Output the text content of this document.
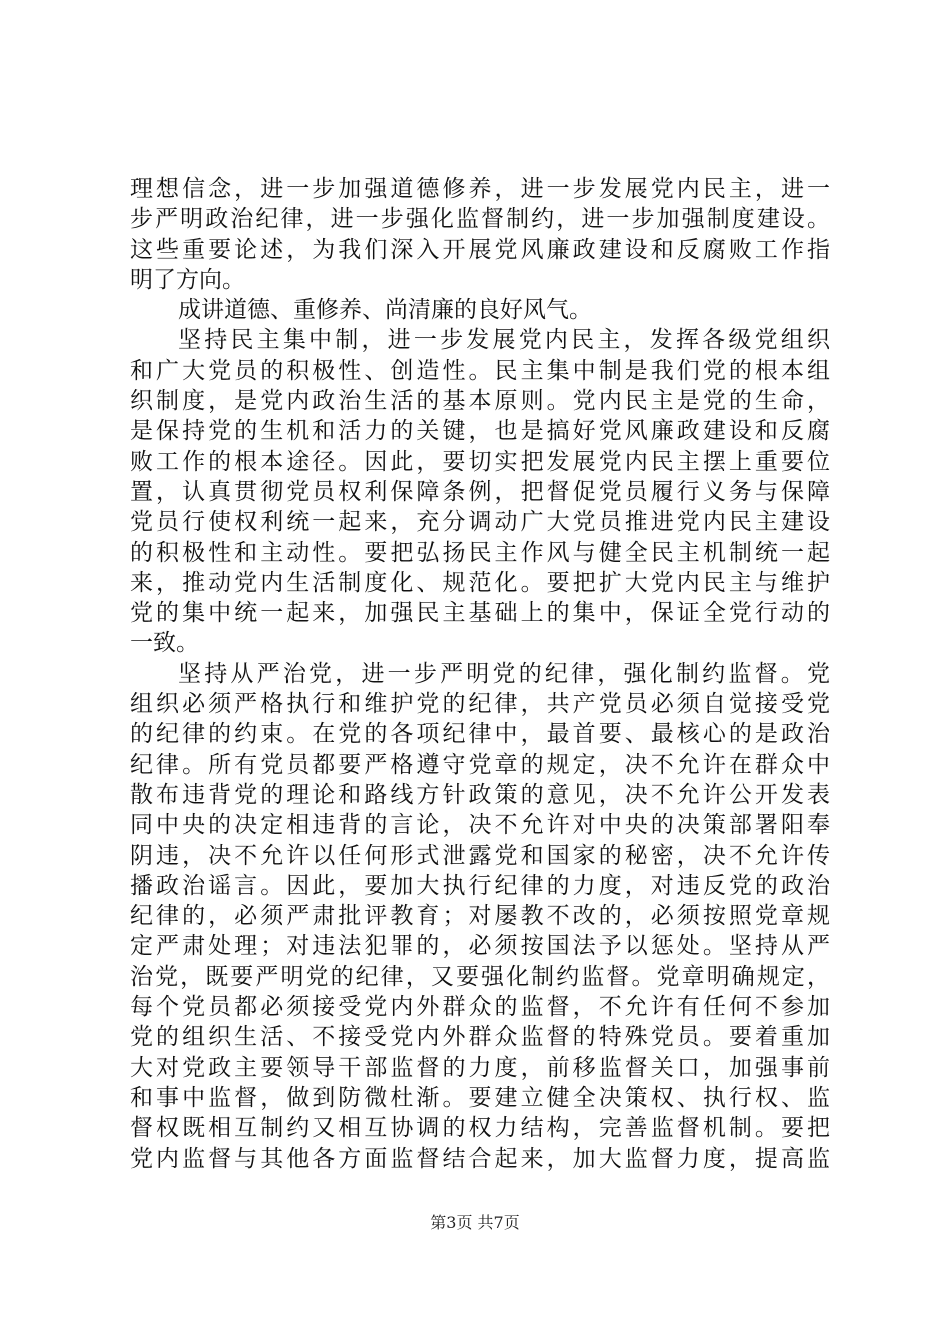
理想信念，进一步加强道德修养，进一步发展党内民主，进一
步严明政治纪律，进一步强化监督制约，进一步加强制度建设。
这些重要论述，为我们深入开展党风廉政建设和反腐败工作指
明了方向。
成讲道德、重修养、尚清廉的良好风气。
坚持民主集中制，进一步发展党内民主，发挥各级党组织
和广大党员的积极性、创造性。民主集中制是我们党的根本组
织制度，是党内政治生活的基本原则。党内民主是党的生命，
是保持党的生机和活力的关键，也是搞好党风廉政建设和反腐
败工作的根本途径。因此，要切实把发展党内民主摆上重要位
置，认真贯彻党员权利保障条例，把督促党员履行义务与保障
党员行使权利统一起来，充分调动广大党员推进党内民主建设
的积极性和主动性。要把弘扬民主作风与健全民主机制统一起
来，推动党内生活制度化、规范化。要把扩大党内民主与维护
党的集中统一起来，加强民主基础上的集中，保证全党行动的
一致。
坚持从严治党，进一步严明党的纪律，强化制约监督。党
组织必须严格执行和维护党的纪律，共产党员必须自觉接受党
的纪律的约束。在党的各项纪律中，最首要、最核心的是政治
纪律。所有党员都要严格遵守党章的规定，决不允许在群众中
散布违背党的理论和路线方针政策的意见，决不允许公开发表
同中央的决定相违背的言论，决不允许对中央的决策部署阳奉
阴违，决不允许以任何形式泄露党和国家的秘密，决不允许传
播政治谣言。因此，要加大执行纪律的力度，对违反党的政治
纪律的，必须严肃批评教育；对屡教不改的，必须按照党章规
定严肃处理；对违法犯罪的，必须按国法予以惩处。坚持从严
治党，既要严明党的纪律，又要强化制约监督。党章明确规定，
每个党员都必须接受党内外群众的监督，不允许有任何不参加
党的组织生活、不接受党内外群众监督的特殊党员。要着重加
大对党政主要领导干部监督的力度，前移监督关口，加强事前
和事中监督，做到防微杜渐。要建立健全决策权、执行权、监
督权既相互制约又相互协调的权力结构，完善监督机制。要把
党内监督与其他各方面监督结合起来，加大监督力度，提高监
第3页 共7页
